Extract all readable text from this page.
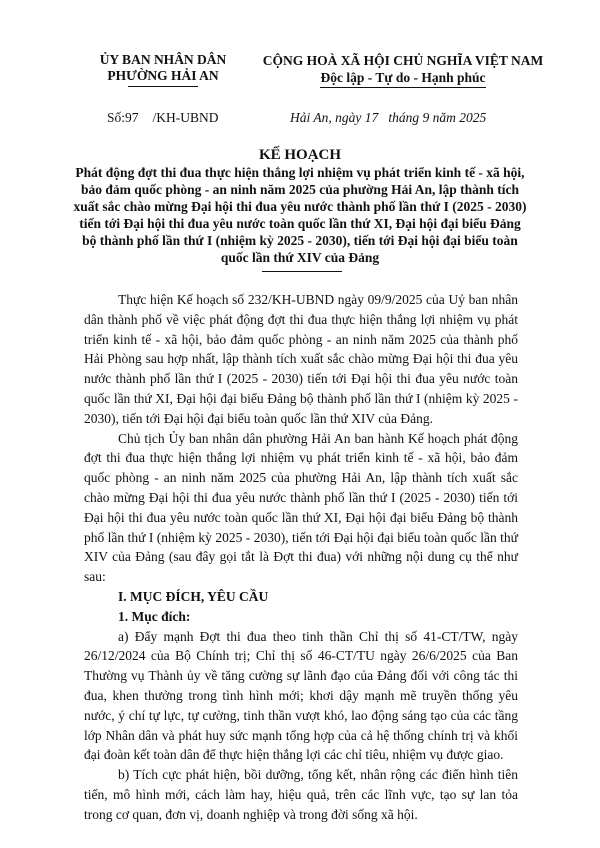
ỦY BAN NHÂN DÂN
PHƯỜNG HẢI AN
CỘNG HOÀ XÃ HỘI CHỦ NGHĨA VIỆT NAM
Độc lập - Tự do - Hạnh phúc
Số:97 /KH-UBND	Hải An, ngày 17   tháng 9 năm 2025
KẾ HOẠCH
Phát động đợt thi đua thực hiện thắng lợi nhiệm vụ phát triển kinh tế - xã hội, bảo đảm quốc phòng - an ninh năm 2025 của phường Hải An, lập thành tích xuất sắc chào mừng Đại hội thi đua yêu nước thành phố lần thứ I (2025 - 2030) tiến tới Đại hội thi đua yêu nước toàn quốc lần thứ XI, Đại hội đại biểu Đảng bộ thành phố lần thứ I (nhiệm kỳ 2025 - 2030), tiến tới Đại hội đại biểu toàn quốc lần thứ XIV của Đảng

Thực hiện Kế hoạch số 232/KH-UBND ngày 09/9/2025 của Uỷ ban nhân dân thành phố về việc phát động đợt thi đua thực hiện thắng lợi nhiệm vụ phát triển kinh tế - xã hội, bảo đảm quốc phòng - an ninh năm 2025 của thành phố Hải Phòng sau hợp nhất, lập thành tích xuất sắc chào mừng Đại hội thi đua yêu nước thành phố lần thứ I (2025 - 2030) tiến tới Đại hội thi đua yêu nước toàn quốc lần thứ XI, Đại hội đại biểu Đảng bộ thành phố lần thứ I (nhiệm kỳ 2025 - 2030), tiến tới Đại hội đại biểu toàn quốc lần thứ XIV của Đảng.

Chủ tịch Ủy ban nhân dân phường Hải An ban hành Kế hoạch phát động đợt thi đua thực hiện thắng lợi nhiệm vụ phát triển kinh tế - xã hội, bảo đảm quốc phòng - an ninh năm 2025 của phường Hải An, lập thành tích xuất sắc chào mừng Đại hội thi đua yêu nước thành phố lần thứ I (2025 - 2030) tiến tới Đại hội thi đua yêu nước toàn quốc lần thứ XI, Đại hội đại biểu Đảng bộ thành phố lần thứ I (nhiệm kỳ 2025 - 2030), tiến tới Đại hội đại biểu toàn quốc lần thứ XIV của Đảng (sau đây gọi tắt là Đợt thi đua) với những nội dung cụ thể như sau:

I. MỤC ĐÍCH, YÊU CẦU

1. Mục đích:

a) Đẩy mạnh Đợt thi đua theo tinh thần Chỉ thị số 41-CT/TW, ngày 26/12/2024 của Bộ Chính trị; Chỉ thị số 46-CT/TU ngày 26/6/2025 của Ban Thường vụ Thành ủy về tăng cường sự lãnh đạo của Đảng đối với công tác thi đua, khen thưởng trong tình hình mới; khơi dậy mạnh mẽ truyền thống yêu nước, ý chí tự lực, tự cường, tinh thần vượt khó, lao động sáng tạo của các tầng lớp Nhân dân và phát huy sức mạnh tổng hợp của cả hệ thống chính trị và khối đại đoàn kết toàn dân để thực hiện thắng lợi các chỉ tiêu, nhiệm vụ được giao.

b) Tích cực phát hiện, bồi dưỡng, tổng kết, nhân rộng các điển hình tiên tiến, mô hình mới, cách làm hay, hiệu quả, trên các lĩnh vực, tạo sự lan tỏa trong cơ quan, đơn vị, doanh nghiệp và trong đời sống xã hội.
